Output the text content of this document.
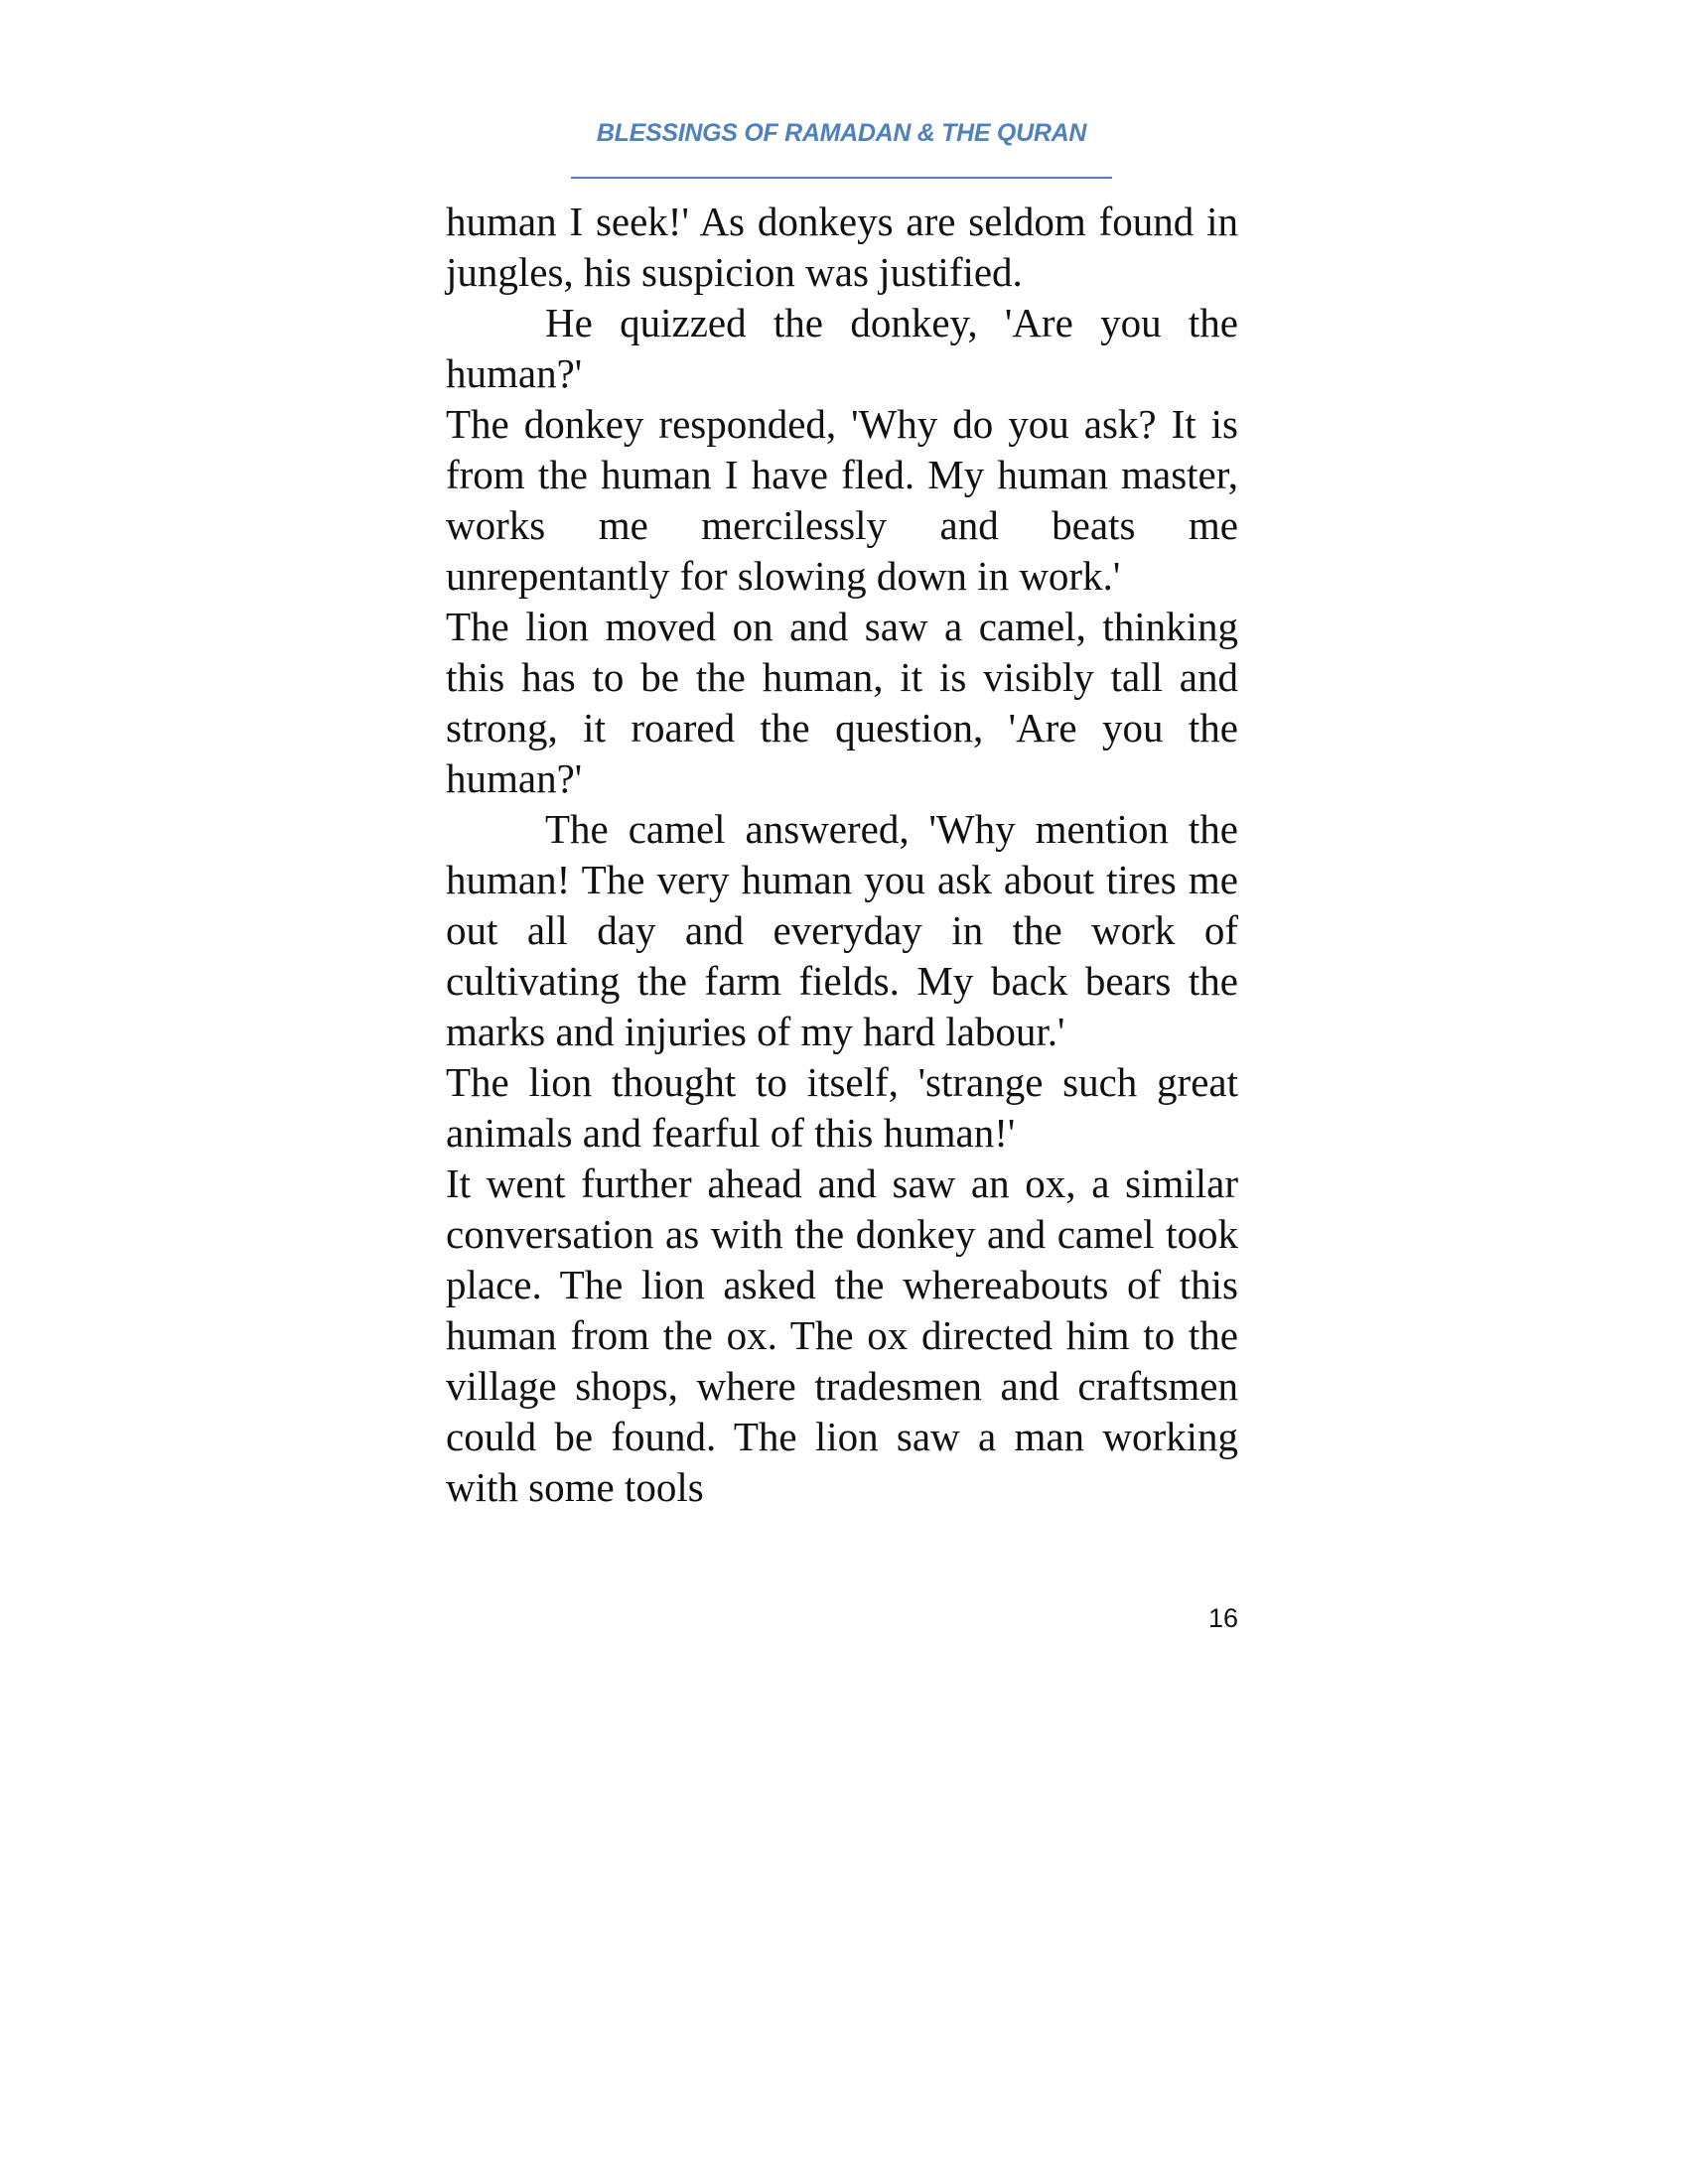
BLESSINGS OF RAMADAN & THE QURAN

human I seek!' As donkeys are seldom found in jungles, his suspicion was justified.

He quizzed the donkey, 'Are you the human?'

The donkey responded, 'Why do you ask? It is from the human I have fled. My human master, works me mercilessly and beats me unrepentantly for slowing down in work.'

The lion moved on and saw a camel, thinking this has to be the human, it is visibly tall and strong, it roared the question, 'Are you the human?'

The camel answered, 'Why mention the human! The very human you ask about tires me out all day and everyday in the work of cultivating the farm fields. My back bears the marks and injuries of my hard labour.'

The lion thought to itself, 'strange such great animals and fearful of this human!'

It went further ahead and saw an ox, a similar conversation as with the donkey and camel took place. The lion asked the whereabouts of this human from the ox. The ox directed him to the village shops, where tradesmen and craftsmen could be found. The lion saw a man working with some tools

16
